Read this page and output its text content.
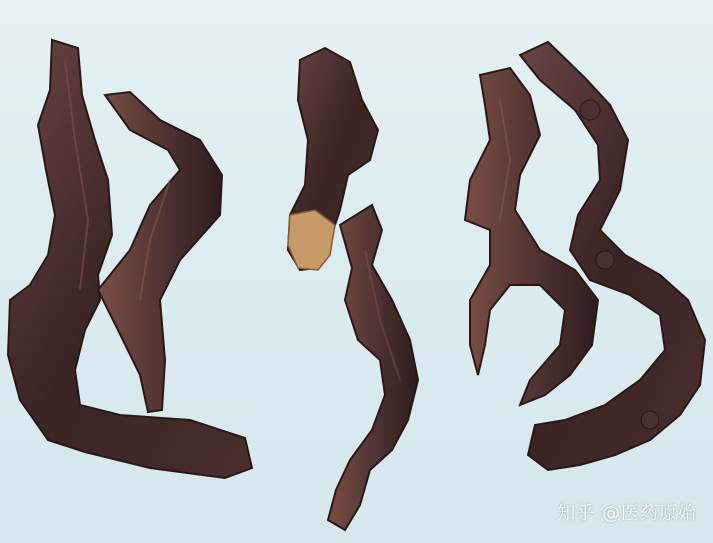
知乎 @医药原始
